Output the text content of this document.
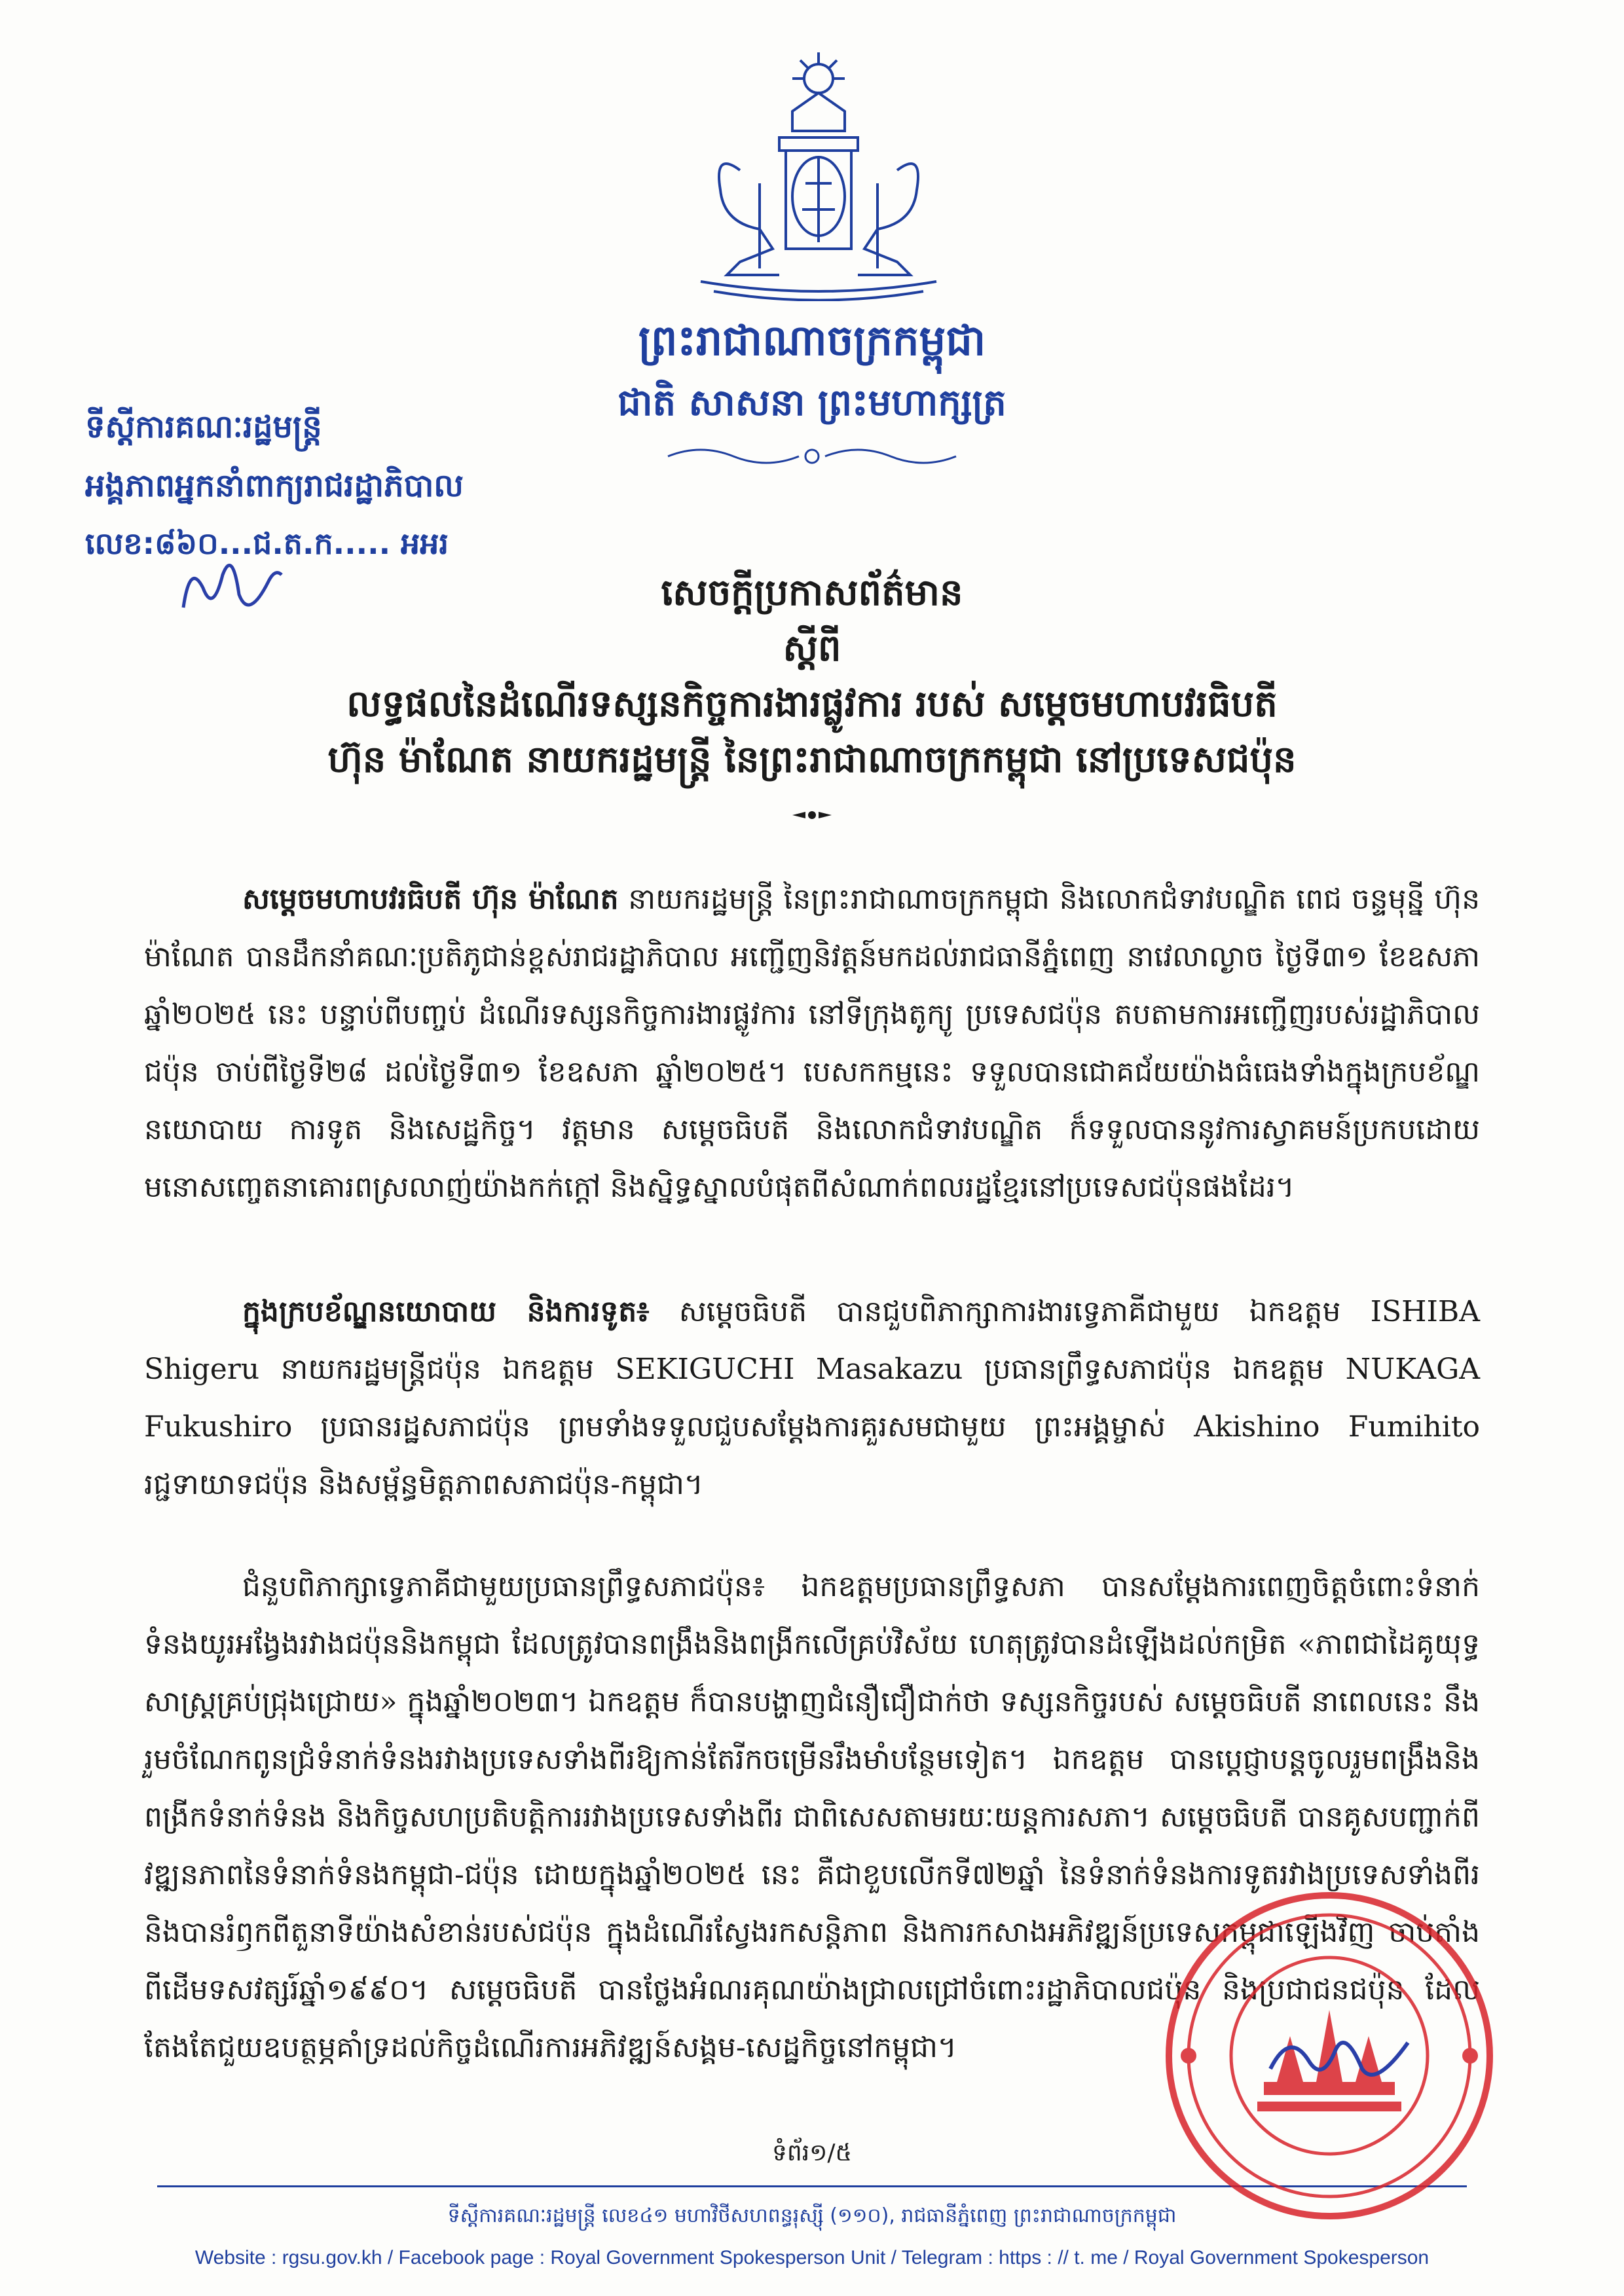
ព្រះរាជាណាចក្រកម្ពុជា
ជាតិ សាសនា ព្រះមហាក្សត្រ
ទីស្ដីការគណៈរដ្ឋមន្ត្រី
អង្គភាពអ្នកនាំពាក្យរាជរដ្ឋាភិបាល
លេខ:៨៦០...ជ.ត.ក..... អអរ
សេចក្ដីប្រកាសព័ត៌មាន
ស្ដីពី
លទ្ធផលនៃដំណើរទស្សនកិច្ចការងារផ្លូវការ របស់ សម្ដេចមហាបវរធិបតី
ហ៊ុន ម៉ាណែត នាយករដ្ឋមន្ត្រី នៃព្រះរាជាណាចក្រកម្ពុជា នៅប្រទេសជប៉ុន
សម្ដេចមហាបវរធិបតី ហ៊ុន ម៉ាណែត នាយករដ្ឋមន្ត្រី នៃព្រះរាជាណាចក្រកម្ពុជា និងលោកជំទាវបណ្ឌិត ពេជ ចន្ទមុន្នី ហ៊ុនម៉ាណែត បានដឹកនាំគណៈប្រតិភូជាន់ខ្ពស់រាជរដ្ឋាភិបាល អញ្ជើញនិវត្តន៍មកដល់រាជធានីភ្នំពេញ នាវេលាល្ងាច ថ្ងៃទី៣១ ខែឧសភា ឆ្នាំ២០២៥ នេះ បន្ទាប់ពីបញ្ចប់ ដំណើរទស្សនកិច្ចការងារផ្លូវការ នៅទីក្រុងតូក្យូ ប្រទេសជប៉ុន តបតាមការអញ្ជើញរបស់រដ្ឋាភិបាលជប៉ុន ចាប់ពីថ្ងៃទី២៨ ដល់ថ្ងៃទី៣១ ខែឧសភា ឆ្នាំ២០២៥។ បេសកកម្មនេះ ទទួលបានជោគជ័យយ៉ាងធំធេងទាំងក្នុងក្របខ័ណ្ឌនយោបាយ ការទូត និងសេដ្ឋកិច្ច។ វត្តមាន សម្ដេចធិបតី និងលោកជំទាវបណ្ឌិត ក៏ទទួលបាននូវការស្វាគមន៍ប្រកបដោយមនោសញ្ចេតនាគោរពស្រលាញ់យ៉ាងកក់ក្ដៅ និងស្និទ្ធស្នាលបំផុតពីសំណាក់ពលរដ្ឋខ្មែរនៅប្រទេសជប៉ុនផងដែរ។
ក្នុងក្របខ័ណ្ឌនយោបាយ និងការទូត៖ សម្ដេចធិបតី បានជួបពិភាក្សាការងារទ្វេភាគីជាមួយ ឯកឧត្តម ISHIBA Shigeru នាយករដ្ឋមន្ត្រីជប៉ុន ឯកឧត្តម SEKIGUCHI Masakazu ប្រធានព្រឹទ្ធសភាជប៉ុន ឯកឧត្តម NUKAGA Fukushiro ប្រធានរដ្ឋសភាជប៉ុន ព្រមទាំងទទួលជួបសម្ដែងការគួរសមជាមួយ ព្រះអង្គម្ចាស់ Akishino Fumihito រជ្ជទាយាទជប៉ុន និងសម្ព័ន្ធមិត្តភាពសភាជប៉ុន-កម្ពុជា។
ជំនួបពិភាក្សាទ្វេភាគីជាមួយប្រធានព្រឹទ្ធសភាជប៉ុន៖ ឯកឧត្តមប្រធានព្រឹទ្ធសភា បានសម្ដែងការពេញចិត្តចំពោះទំនាក់ទំនងយូរអង្វែងរវាងជប៉ុននិងកម្ពុជា ដែលត្រូវបានពង្រឹងនិងពង្រីកលើគ្រប់វិស័យ ហេតុត្រូវបានដំឡើងដល់កម្រិត «ភាពជាដៃគូយុទ្ធសាស្ត្រគ្រប់ជ្រុងជ្រោយ» ក្នុងឆ្នាំ២០២៣។ ឯកឧត្តម ក៏បានបង្ហាញជំនឿជឿជាក់ថា ទស្សនកិច្ចរបស់ សម្ដេចធិបតី នាពេលនេះ នឹងរួមចំណែកពូនជ្រំទំនាក់ទំនងរវាងប្រទេសទាំងពីរឱ្យកាន់តែរីកចម្រើនរឹងមាំបន្ថែមទៀត។ ឯកឧត្តម បានប្ដេជ្ញាបន្តចូលរួមពង្រឹងនិងពង្រីកទំនាក់ទំនង និងកិច្ចសហប្រតិបត្តិការរវាងប្រទេសទាំងពីរ ជាពិសេសតាមរយៈយន្តការសភា។ សម្ដេចធិបតី បានគូសបញ្ជាក់ពីវឌ្ឍនភាពនៃទំនាក់ទំនងកម្ពុជា-ជប៉ុន ដោយក្នុងឆ្នាំ២០២៥ នេះ គឺជាខួបលើកទី៧២ឆ្នាំ នៃទំនាក់ទំនងការទូតរវាងប្រទេសទាំងពីរ និងបានរំឭកពីតួនាទីយ៉ាងសំខាន់របស់ជប៉ុន ក្នុងដំណើរស្វែងរកសន្តិភាព និងការកសាងអភិវឌ្ឍន៍ប្រទេសកម្ពុជាឡើងវិញ ចាប់តាំងពីដើមទសវត្សរ៍ឆ្នាំ១៩៩០។ សម្ដេចធិបតី បានថ្លែងអំណរគុណយ៉ាងជ្រាលជ្រៅចំពោះរដ្ឋាភិបាលជប៉ុន និងប្រជាជនជប៉ុន ដែលតែងតែជួយឧបត្ថម្ភគាំទ្រដល់កិច្ចដំណើរការអភិវឌ្ឍន៍សង្គម-សេដ្ឋកិច្ចនៅកម្ពុជា។
ទំព័រ១/៥
ទីស្ដីការគណៈរដ្ឋមន្ត្រី លេខ៤១ មហាវិថីសហពន្ធរុស្ស៊ី (១១០), រាជធានីភ្នំពេញ ព្រះរាជាណាចក្រកម្ពុជា
Website : rgsu.gov.kh / Facebook page : Royal Government Spokesperson Unit / Telegram : https : // t. me / Royal Government Spokesperson
